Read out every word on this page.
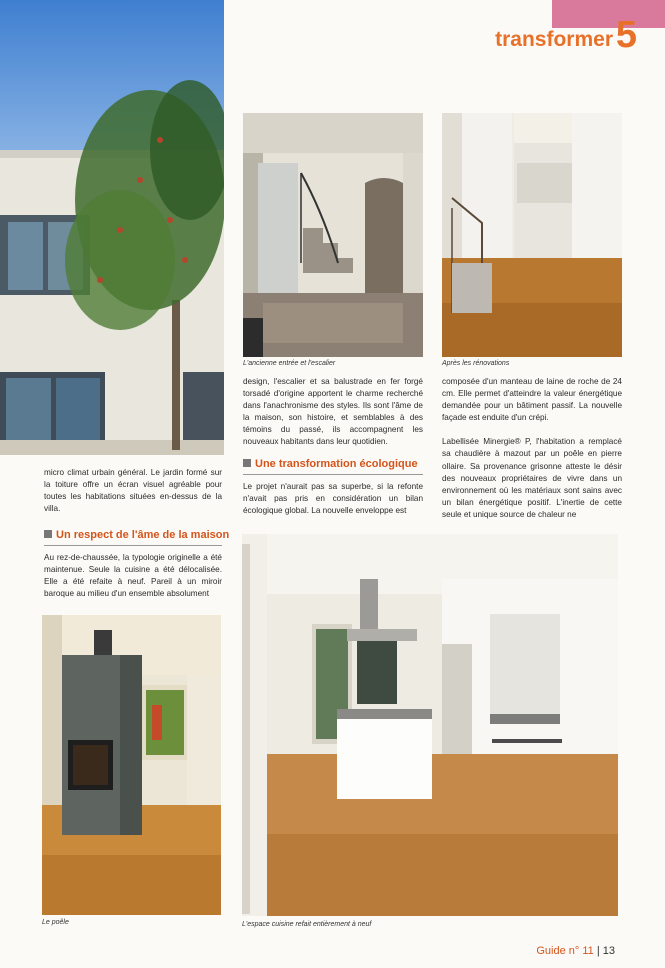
transformer 5
L'ancienne entrée et l'escalier	Après les rénovations

design, l'escalier et sa balustrade en fer forgé torsadé d'origine apportent le charme recherché dans l'anachronisme des styles. Ils sont l'âme de la maison, son histoire, et semblables à des témoins du passé, ils accompagnent les nouveaux habitants dans leur quotidien.

Une transformation écologique

Le projet n'aurait pas sa superbe, si la refonte n'avait pas pris en considération un bilan écologique global. La nouvelle enveloppe est

composée d'un manteau de laine de roche de 24 cm. Elle permet d'atteindre la valeur énergétique demandée pour un bâtiment passif. La nouvelle façade est enduite d'un crépi.

Labellisée Minergie® P, l'habitation a remplacé sa chaudière à mazout par un poêle en pierre ollaire. Sa provenance grisonne atteste le désir des nouveaux propriétaires de vivre dans un environnement où les matériaux sont sains avec un bilan énergétique positif. L'inertie de cette seule et unique source de chaleur ne

micro climat urbain général. Le jardin formé sur la toiture offre un écran visuel agréable pour toutes les habitations situées en-dessus de la villa.

Un respect de l'âme de la maison

Au rez-de-chaussée, la typologie originelle a été maintenue. Seule la cuisine a été délocalisée. Elle a été refaite à neuf. Pareil à un miroir baroque au milieu d'un ensemble absolument

Le poêle	L'espace cuisine refait entièrement à neuf
Guide n° 11 | 13
